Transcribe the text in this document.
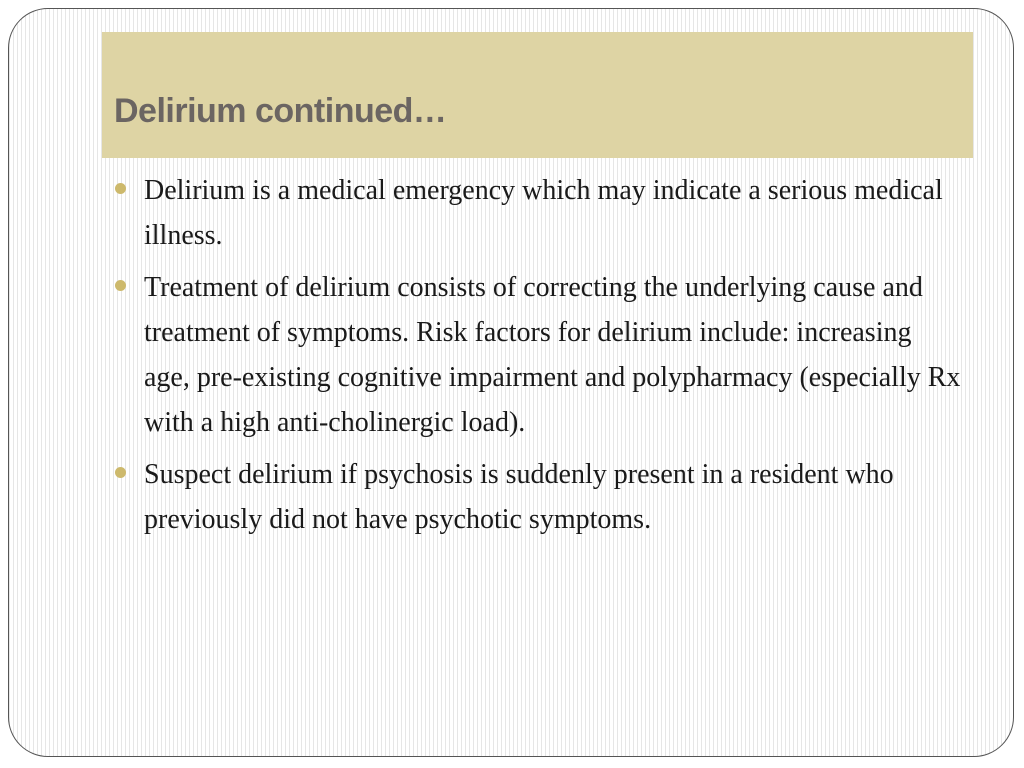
Delirium continued…
Delirium is a medical emergency which may indicate a serious medical illness.
Treatment of delirium consists of correcting the underlying cause and treatment of symptoms. Risk factors for delirium include: increasing age, pre-existing cognitive impairment and polypharmacy (especially Rx with a high anti-cholinergic load).
Suspect delirium if psychosis is suddenly present in a resident who previously did not have psychotic symptoms.
